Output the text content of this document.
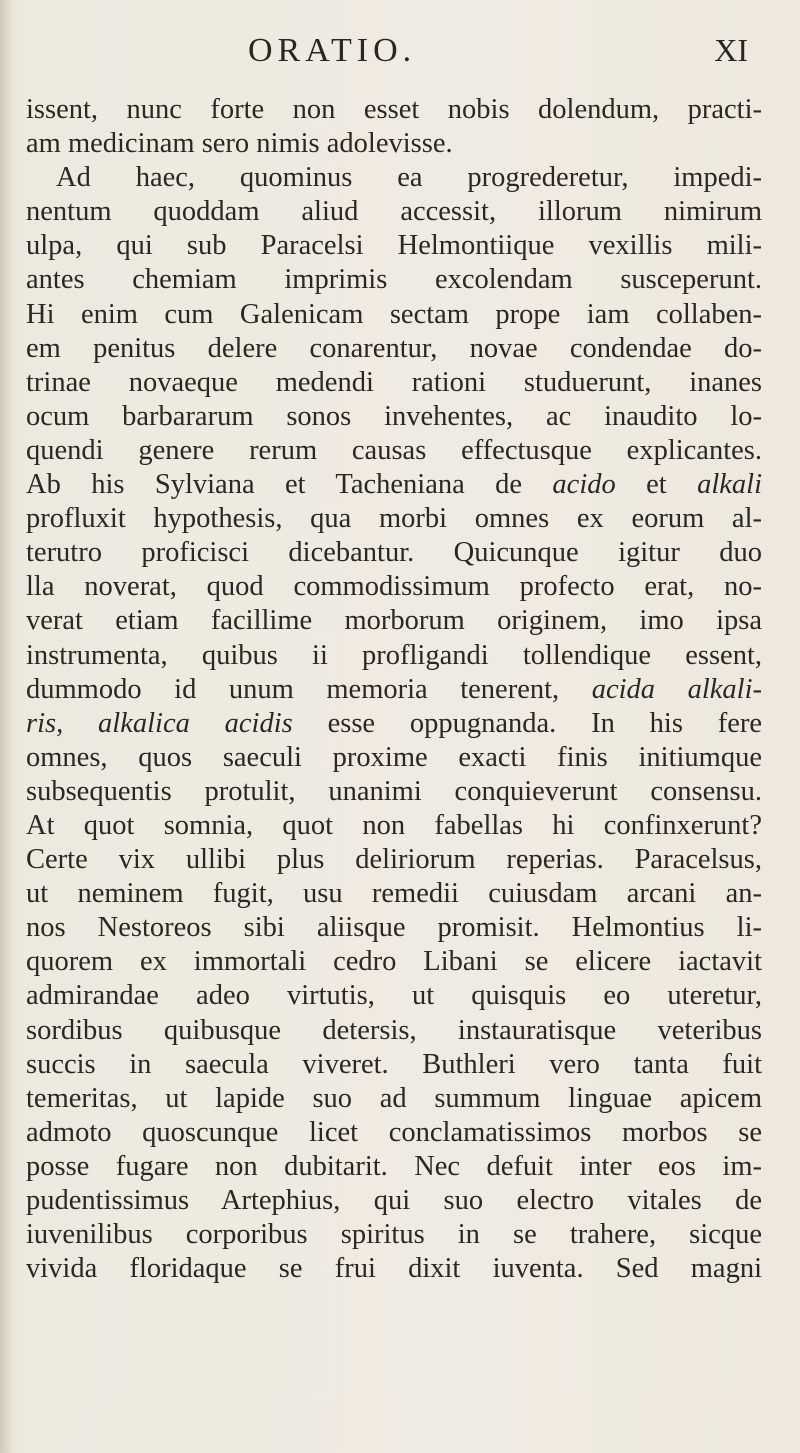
ORATIO.	XI
issent, nunc forte non esset nobis dolendum, practi-
am medicinam sero nimis adolevisse.
Ad haec, quominus ea progrederetur, impedi-
nentum quoddam aliud accessit, illorum nimirum
ulpa, qui sub Paracelsi Helmontiique vexillis mili-
antes chemiam imprimis excolendam susceperunt.
Hi enim cum Galenicam sectam prope iam collaben-
em penitus delere conarentur, novae condendae do-
trinae novaeque medendi rationi studuerunt, inanes
ocum barbararum sonos invehentes, ac inaudito lo-
quendi genere rerum causas effectusque explicantes.
Ab his Sylviana et Tacheniana de acido et alkali
profluxit hypothesis, qua morbi omnes ex eorum al-
terutro proficisci dicebantur. Quicunque igitur duo
lla noverat, quod commodissimum profecto erat, no-
verat etiam facillime morborum originem, imo ipsa
instrumenta, quibus ii profligandi tollendique essent,
dummodo id unum memoria tenerent, acida alkali-
ris, alkalica acidis esse oppugnanda. In his fere
omnes, quos saeculi proxime exacti finis initiumque
subsequentis protulit, unanimi conquieverunt consensu.
At quot somnia, quot non fabellas hi confinxerunt?
Certe vix ullibi plus deliriorum reperias. Paracelsus,
ut neminem fugit, usu remedii cuiusdam arcani an-
nos Nestoreos sibi aliisque promisit. Helmontius li-
quorem ex immortali cedro Libani se elicere iactavit
admirandae adeo virtutis, ut quisquis eo uteretur,
sordibus quibusque detersis, instauratisque veteribus
succis in saecula viveret. Buthleri vero tanta fuit
temeritas, ut lapide suo ad summum linguae apicem
admoto quoscunque licet conclamatissimos morbos se
posse fugare non dubitarit. Nec defuit inter eos im-
pudentissimus Artephius, qui suo electro vitales de
iuvenilibus corporibus spiritus in se trahere, sicque
vivida floridaque se frui dixit iuventa. Sed magni
